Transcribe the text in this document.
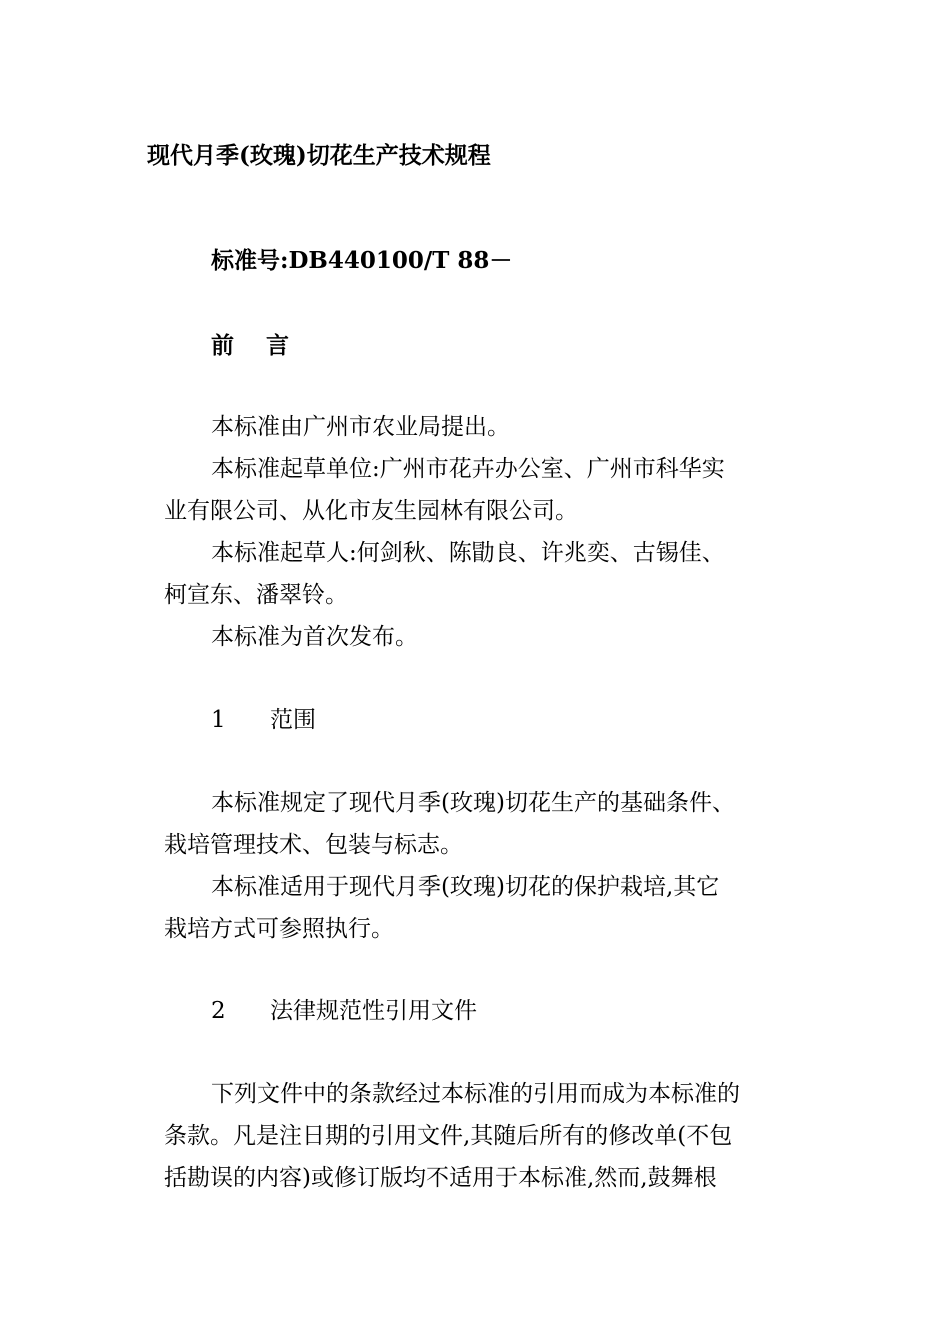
现代月季(玫瑰)切花生产技术规程
标准号:DB440100/T 88－
前 言
本标准由广州市农业局提出。
本标准起草单位:广州市花卉办公室、广州市科华实
业有限公司、从化市友生园林有限公司。
本标准起草人:何剑秋、陈勖良、许兆奕、古锡佳、
柯宣东、潘翠铃。
本标准为首次发布。
1 范围
本标准规定了现代月季(玫瑰)切花生产的基础条件、
栽培管理技术、包装与标志。
本标准适用于现代月季(玫瑰)切花的保护栽培,其它
栽培方式可参照执行。
2 法律规范性引用文件
下列文件中的条款经过本标准的引用而成为本标准的
条款。凡是注日期的引用文件,其随后所有的修改单(不包
括勘误的内容)或修订版均不适用于本标准,然而,鼓舞根
